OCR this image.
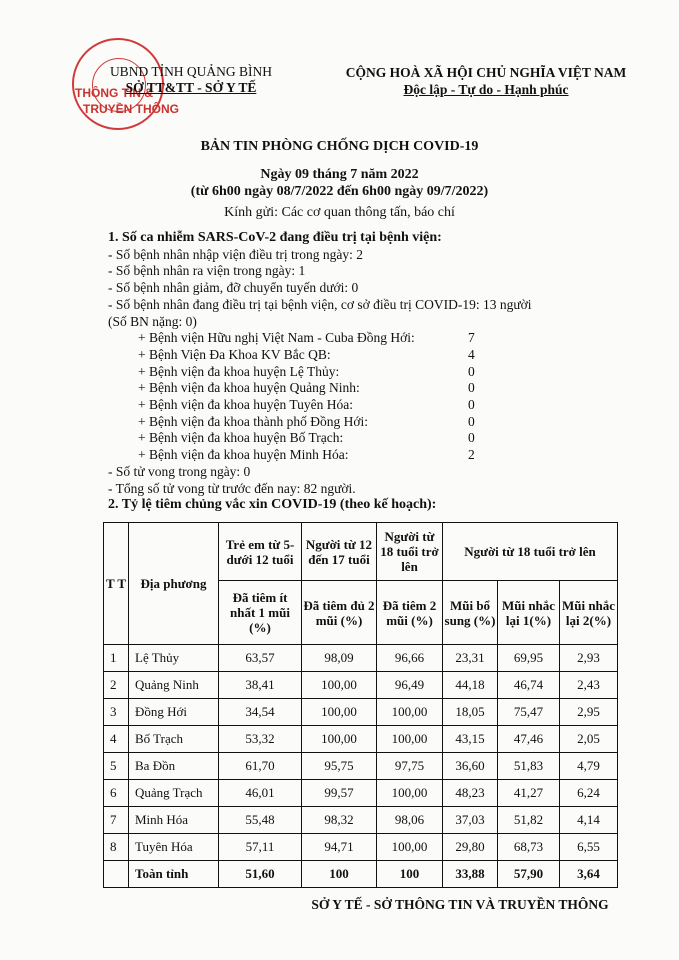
THÔNG TIN &
TRUYỀN THÔNG
UBND TỈNH QUẢNG BÌNH
SỞ TT&TT - SỞ Y TẾ
CỘNG HOÀ XÃ HỘI CHỦ NGHĨA VIỆT NAM
Độc lập - Tự do - Hạnh phúc
BẢN TIN PHÒNG CHỐNG DỊCH COVID-19
Ngày 09 tháng 7 năm 2022
(từ 6h00 ngày 08/7/2022 đến 6h00 ngày 09/7/2022)
Kính gửi: Các cơ quan thông tấn, báo chí
1. Số ca nhiễm SARS-CoV-2 đang điều trị tại bệnh viện:
- Số bệnh nhân nhập viện điều trị trong ngày: 2
- Số bệnh nhân ra viện trong ngày: 1
- Số bệnh nhân giảm, đỡ chuyển tuyến dưới: 0
- Số bệnh nhân đang điều trị tại bệnh viện, cơ sở điều trị COVID-19: 13 người
(Số BN nặng: 0)
+ Bệnh viện Hữu nghị Việt Nam - Cuba Đồng Hới:	7
+ Bệnh Viện Đa Khoa KV Bắc QB:	4
+ Bệnh viện đa khoa huyện Lệ Thủy:	0
+ Bệnh viện đa khoa huyện Quảng Ninh:	0
+ Bệnh viện đa khoa huyện Tuyên Hóa:	0
+ Bệnh viện đa khoa thành phố Đồng Hới:	0
+ Bệnh viện đa khoa huyện Bố Trạch:	0
+ Bệnh viện đa khoa huyện Minh Hóa:	2
- Số tử vong trong ngày: 0
- Tổng số tử vong từ trước đến nay: 82 người.
2. Tỷ lệ tiêm chủng vắc xin COVID-19 (theo kế hoạch):
T T	Địa phương	Trẻ em từ 5- dưới 12 tuổi	Người từ 12 đến 17 tuổi	Người từ 18 tuổi trở lên	Người từ 18 tuổi trở lên		
		Đã tiêm ít nhất 1 mũi (%)	Đã tiêm đủ 2 mũi (%)	Đã tiêm 2 mũi (%)	Mũi bổ sung (%)	Mũi nhắc lại 1(%)	Mũi nhắc lại 2(%)
1	Lệ Thủy	63,57	98,09	96,66	23,31	69,95	2,93
2	Quảng Ninh	38,41	100,00	96,49	44,18	46,74	2,43
3	Đồng Hới	34,54	100,00	100,00	18,05	75,47	2,95
4	Bố Trạch	53,32	100,00	100,00	43,15	47,46	2,05
5	Ba Đồn	61,70	95,75	97,75	36,60	51,83	4,79
6	Quảng Trạch	46,01	99,57	100,00	48,23	41,27	6,24
7	Minh Hóa	55,48	98,32	98,06	37,03	51,82	4,14
8	Tuyên Hóa	57,11	94,71	100,00	29,80	68,73	6,55
	Toàn tỉnh	51,60	100	100	33,88	57,90	3,64
SỞ Y TẾ - SỞ THÔNG TIN VÀ TRUYỀN THÔNG
